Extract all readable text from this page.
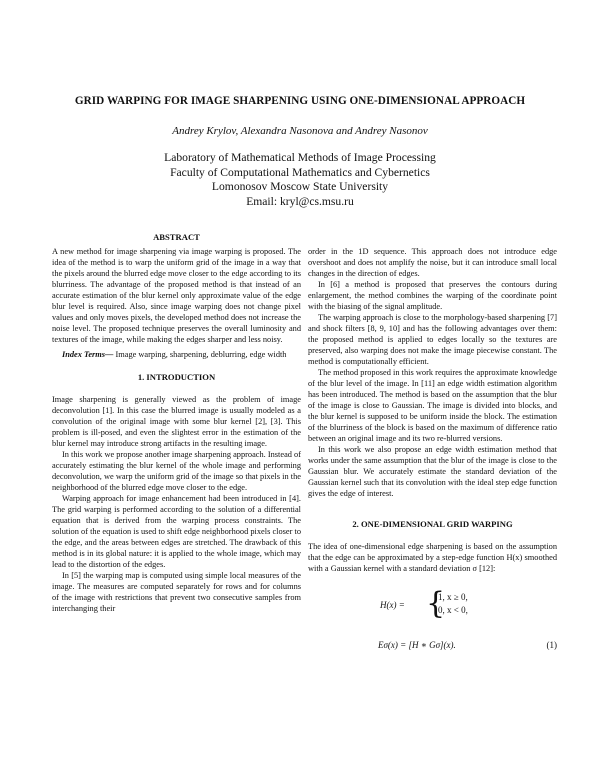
GRID WARPING FOR IMAGE SHARPENING USING ONE-DIMENSIONAL APPROACH
Andrey Krylov, Alexandra Nasonova and Andrey Nasonov
Laboratory of Mathematical Methods of Image Processing
Faculty of Computational Mathematics and Cybernetics
Lomonosov Moscow State University
Email: kryl@cs.msu.ru
ABSTRACT

A new method for image sharpening via image warping is proposed. The idea of the method is to warp the uniform grid of the image in a way that the pixels around the blurred edge move closer to the edge according to its blurriness. The advantage of the proposed method is that instead of an accurate estimation of the blur kernel only approximate value of the edge blur level is required. Also, since image warping does not change pixel values and only moves pixels, the developed method does not increase the noise level. The proposed technique preserves the overall luminosity and textures of the image, while making the edges sharper and less noisy.

Index Terms— Image warping, sharpening, deblurring, edge width

1. INTRODUCTION

Image sharpening is generally viewed as the problem of image deconvolution [1]. In this case the blurred image is usually modeled as a convolution of the original image with some blur kernel [2], [3]. This problem is ill-posed, and even the slightest error in the estimation of the blur kernel may introduce strong artifacts in the resulting image.

In this work we propose another image sharpening approach. Instead of accurately estimating the blur kernel of the whole image and performing deconvolution, we warp the uniform grid of the image so that pixels in the neighborhood of the blurred edge move closer to the edge.

Warping approach for image enhancement had been introduced in [4]. The grid warping is performed according to the solution of a differential equation that is derived from the warping process constraints. The solution of the equation is used to shift edge neighborhood pixels closer to the edge, and the areas between edges are stretched. The drawback of this method is in its global nature: it is applied to the whole image, which may lead to the distortion of the edges.

In [5] the warping map is computed using simple local measures of the image. The measures are computed separately for rows and for columns of the image with restrictions that prevent two consecutive samples from interchanging their

order in the 1D sequence. This approach does not introduce edge overshoot and does not amplify the noise, but it can introduce small local changes in the direction of edges.

In [6] a method is proposed that preserves the contours during enlargement, the method combines the warping of the coordinate point with the biasing of the signal amplitude.

The warping approach is close to the morphology-based sharpening [7] and shock filters [8, 9, 10] and has the following advantages over them: the proposed method is applied to edges locally so the textures are preserved, also warping does not make the image piecewise constant. The method is computationally efficient.

The method proposed in this work requires the approximate knowledge of the blur level of the image. In [11] an edge width estimation algorithm has been introduced. The method is based on the assumption that the blur of the image is close to Gaussian. The image is divided into blocks, and the blur kernel is supposed to be uniform inside the block. The estimation of the blurriness of the block is based on the maximum of difference ratio between an original image and its two re-blurred versions.

In this work we also propose an edge width estimation method that works under the same assumption that the blur of the image is close to the Gaussian blur. We accurately estimate the standard deviation of the Gaussian kernel such that its convolution with the ideal step edge function gives the edge of interest.

2. ONE-DIMENSIONAL GRID WARPING

The idea of one-dimensional edge sharpening is based on the assumption that the edge can be approximated by a step-edge function H(x) smoothed with a Gaussian kernel with a standard deviation σ [12]:

H(x) = {
1, x ≥ 0,
0, x < 0,
Eσ(x) = [H ∗ Gσ](x).	(1)
